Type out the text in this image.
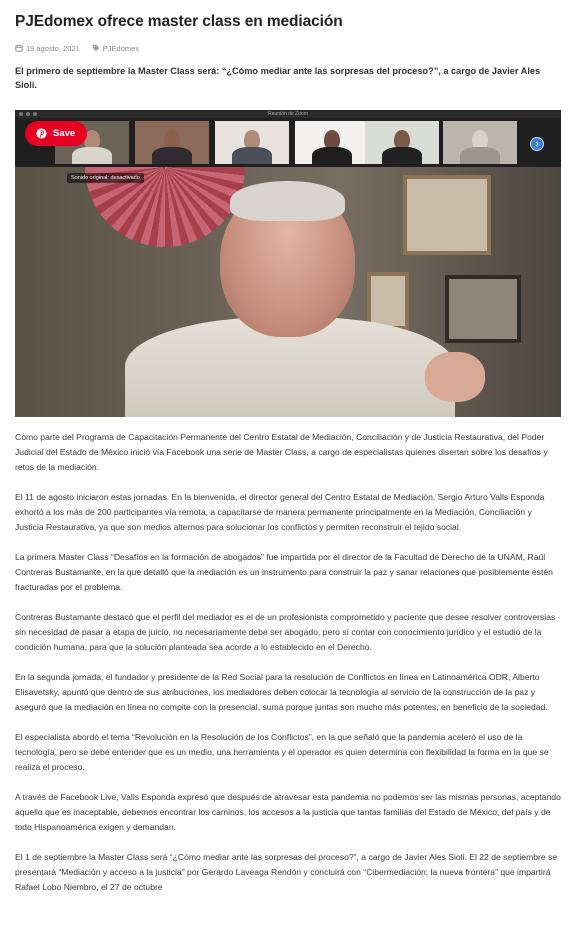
PJEdomex ofrece master class en mediación
19 agosto, 2021	PJEdomex
El primero de septiembre la Master Class será: “¿Cómo mediar ante las sorpresas del proceso?”, a cargo de Javier Ales Sioli.
Reunión de Zoom
Sonido original: desactivado
Save

Como parte del Programa de Capacitación Permanente del Centro Estatal de Mediación, Conciliación y de Justicia Restaurativa, del Poder Judicial del Estado de México inició vía Facebook una serie de Master Class, a cargo de especialistas quienes disertan sobre los desafíos y retos de la mediación.

El 11 de agosto iniciaron estas jornadas. En la bienvenida, el director general del Centro Estatal de Mediación, Sergio Arturo Valls Esponda exhortó a los más de 200 participantes vía remota, a capacitarse de manera permanente principalmente en la Mediación, Conciliación y Justicia Restaurativa, ya que son medios alternos para solucionar los conflictos y permiten reconstruir el tejido social.

La primera Master Class “Desafíos en la formación de abogados” fue impartida por el director de la Facultad de Derecho de la UNAM, Raúl Contreras Bustamante, en la que detalló que la mediación es un instrumento para construir la paz y sanar relaciones que posiblemente estén fracturadas por el problema.

Contreras Bustamante destacó que el perfil del mediador es el de un profesionista comprometido y paciente que desee resolver controversias sin necesidad de pasar a etapa de juicio, no necesariamente debe ser abogado, pero sí contar con conocimiento jurídico y el estudio de la condición humana, para que la solución planteada sea acorde a lo establecido en el Derecho.

En la segunda jornada, el fundador y presidente de la Red Social para la resolución de Conflictos en línea en Latinoamérica ODR, Alberto Elisavetsky, apuntó que dentro de sus atribuciones, los mediadores deben colocar la tecnología al servicio de la construcción de la paz y aseguró que la mediación en línea no compite con la presencial, suma porque juntas son mucho más potentes, en beneficio de la sociedad.

El especialista abordó el tema “Revolución en la Resolución de los Conflictos”, en la que señaló que la pandemia aceleró el uso de la tecnología, pero se debe entender que es un medio, una herramienta y el operador es quien determina con flexibilidad la forma en la que se realiza el proceso.

A través de Facebook Live, Valls Esponda expresó que después de atravesar esta pandemia no podemos ser las mismas personas, aceptando aquello que es inaceptable, debemos encontrar los caminos, los accesos a la justicia que tantas familias del Estado de México, del país y de todo Hispanoamérica exigen y demandan.

El 1 de septiembre la Master Class será “¿Cómo mediar ante las sorpresas del proceso?”, a cargo de Javier Ales Sioli. El 22 de septiembre se presentará “Mediación y acceso a la justicia” por Gerardo Laveaga Rendón y concluirá con “Cibermediación; la nueva frontera” que impartirá Rafael Lobo Niembro, el 27 de octubre
